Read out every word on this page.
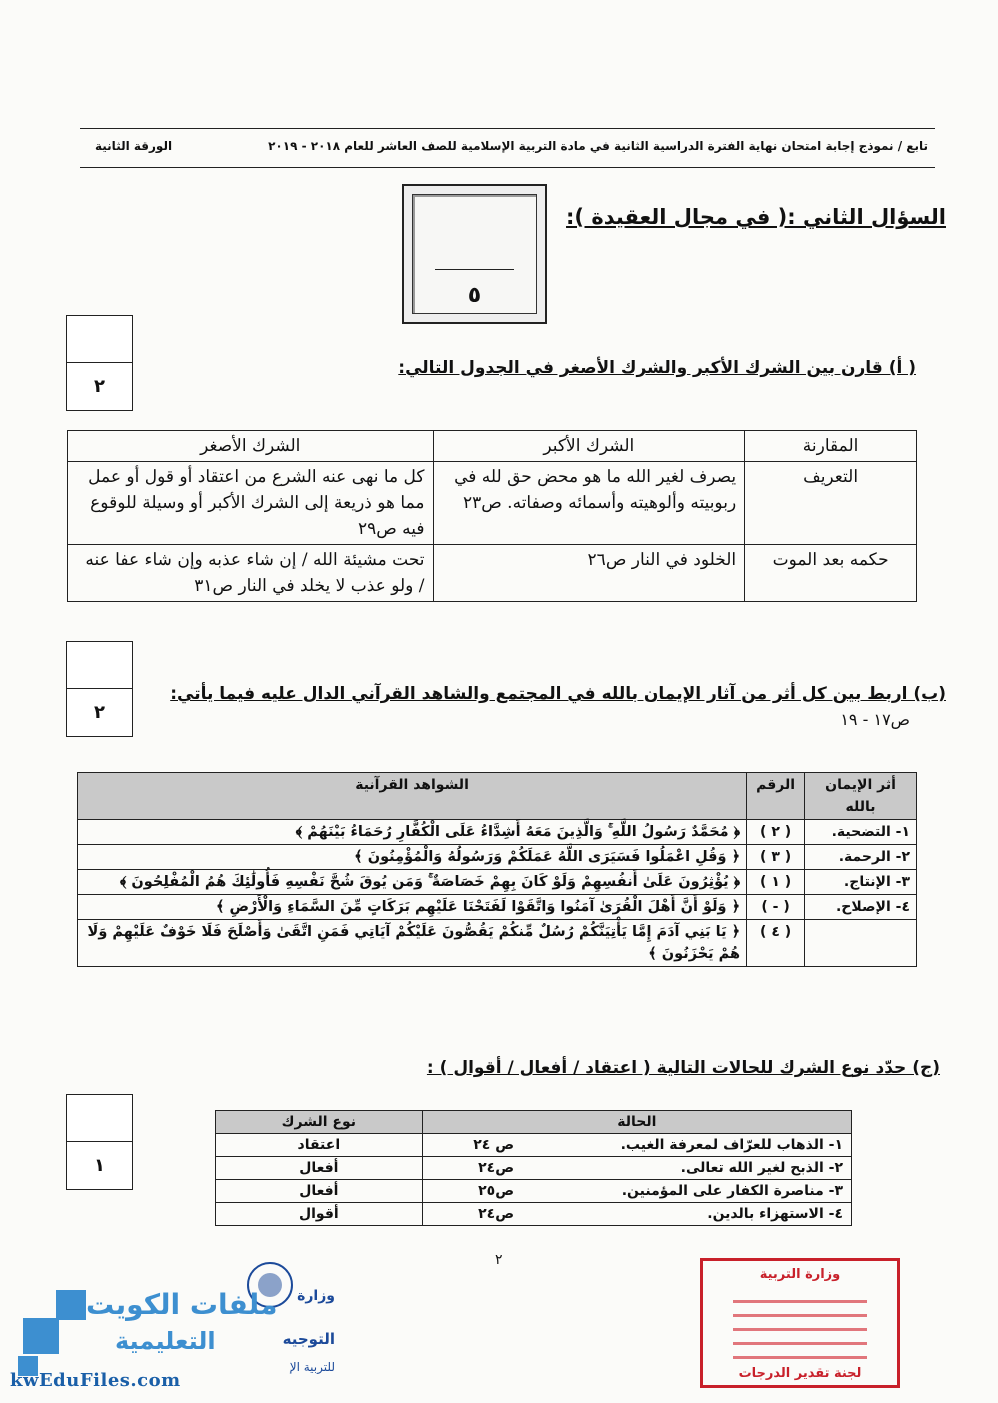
تابع / نموذج إجابة امتحان نهاية الفترة الدراسية الثانية في مادة التربية الإسلامية للصف العاشر للعام ٢٠١٨ - ٢٠١٩
الورقة الثانية
٥
السؤال الثاني :( في مجال العقيدة ):
٢
( أ) قارن بين الشرك الأكبر والشرك الأصغر في الجدول التالي:
المقارنة	الشرك الأكبر	الشرك الأصغر
التعريف	يصرف لغير الله ما هو محض حق لله في ربوبيته وألوهيته وأسمائه وصفاته. ص٢٣	كل ما نهى عنه الشرع من اعتقاد أو قول أو عمل مما هو ذريعة إلى الشرك الأكبر أو وسيلة للوقوع فيه ص٢٩
حكمه بعد الموت	الخلود في النار ص٢٦	تحت مشيئة الله / إن شاء عذبه وإن شاء عفا عنه / ولو عذب لا يخلد في النار ص٣١
٢
(ب) اربط بين كل أثر من آثار الإيمان بالله في المجتمع والشاهد القرآني الدال عليه فيما يأتي:
ص١٧ - ١٩
أثر الإيمان بالله	الرقم	الشواهد القرآنية
١- التضحية.	( ٢ )	﴿ مُحَمَّدٌ رَسُولُ اللَّهِ ۚ وَالَّذِينَ مَعَهُ أَشِدَّاءُ عَلَى الْكُفَّارِ رُحَمَاءُ بَيْنَهُمْ ﴾
٢- الرحمة.	( ٣ )	﴿ وَقُلِ اعْمَلُوا فَسَيَرَى اللَّهُ عَمَلَكُمْ وَرَسُولُهُ وَالْمُؤْمِنُونَ ﴾
٣- الإنتاج.	( ١ )	﴿ يُؤْثِرُونَ عَلَىٰ أَنفُسِهِمْ وَلَوْ كَانَ بِهِمْ خَصَاصَةٌ ۚ وَمَن يُوقَ شُحَّ نَفْسِهِ فَأُولَٰئِكَ هُمُ الْمُفْلِحُونَ ﴾
٤- الإصلاح.	( - )	﴿ وَلَوْ أَنَّ أَهْلَ الْقُرَىٰ آمَنُوا وَاتَّقَوْا لَفَتَحْنَا عَلَيْهِم بَرَكَاتٍ مِّنَ السَّمَاءِ وَالْأَرْضِ ﴾
	( ٤ )	﴿ يَا بَنِي آدَمَ إِمَّا يَأْتِيَنَّكُمْ رُسُلٌ مِّنكُمْ يَقُصُّونَ عَلَيْكُمْ آيَاتِي فَمَنِ اتَّقَىٰ وَأَصْلَحَ فَلَا خَوْفٌ عَلَيْهِمْ وَلَا هُمْ يَحْزَنُونَ ﴾
(ج) حدّد نوع الشرك للحالات التالية ( اعتقاد / أفعال / أقوال ) :
١
الحالة		نوع الشرك
١- الذهاب للعرّاف لمعرفة الغيب.	ص ٢٤	اعتقاد
٢- الذبح لغير الله تعالى.	ص٢٤	أفعال
٣- مناصرة الكفار على المؤمنين.	ص٢٥	أفعال
٤- الاستهزاء بالدين.	ص٢٤	أقوال
٢
وزارة التربية
لجنة تقدير الدرجات
وزارة
التوجيه
للتربية الإ
ملفات الكويت
التعليمية
kwEduFiles.com
